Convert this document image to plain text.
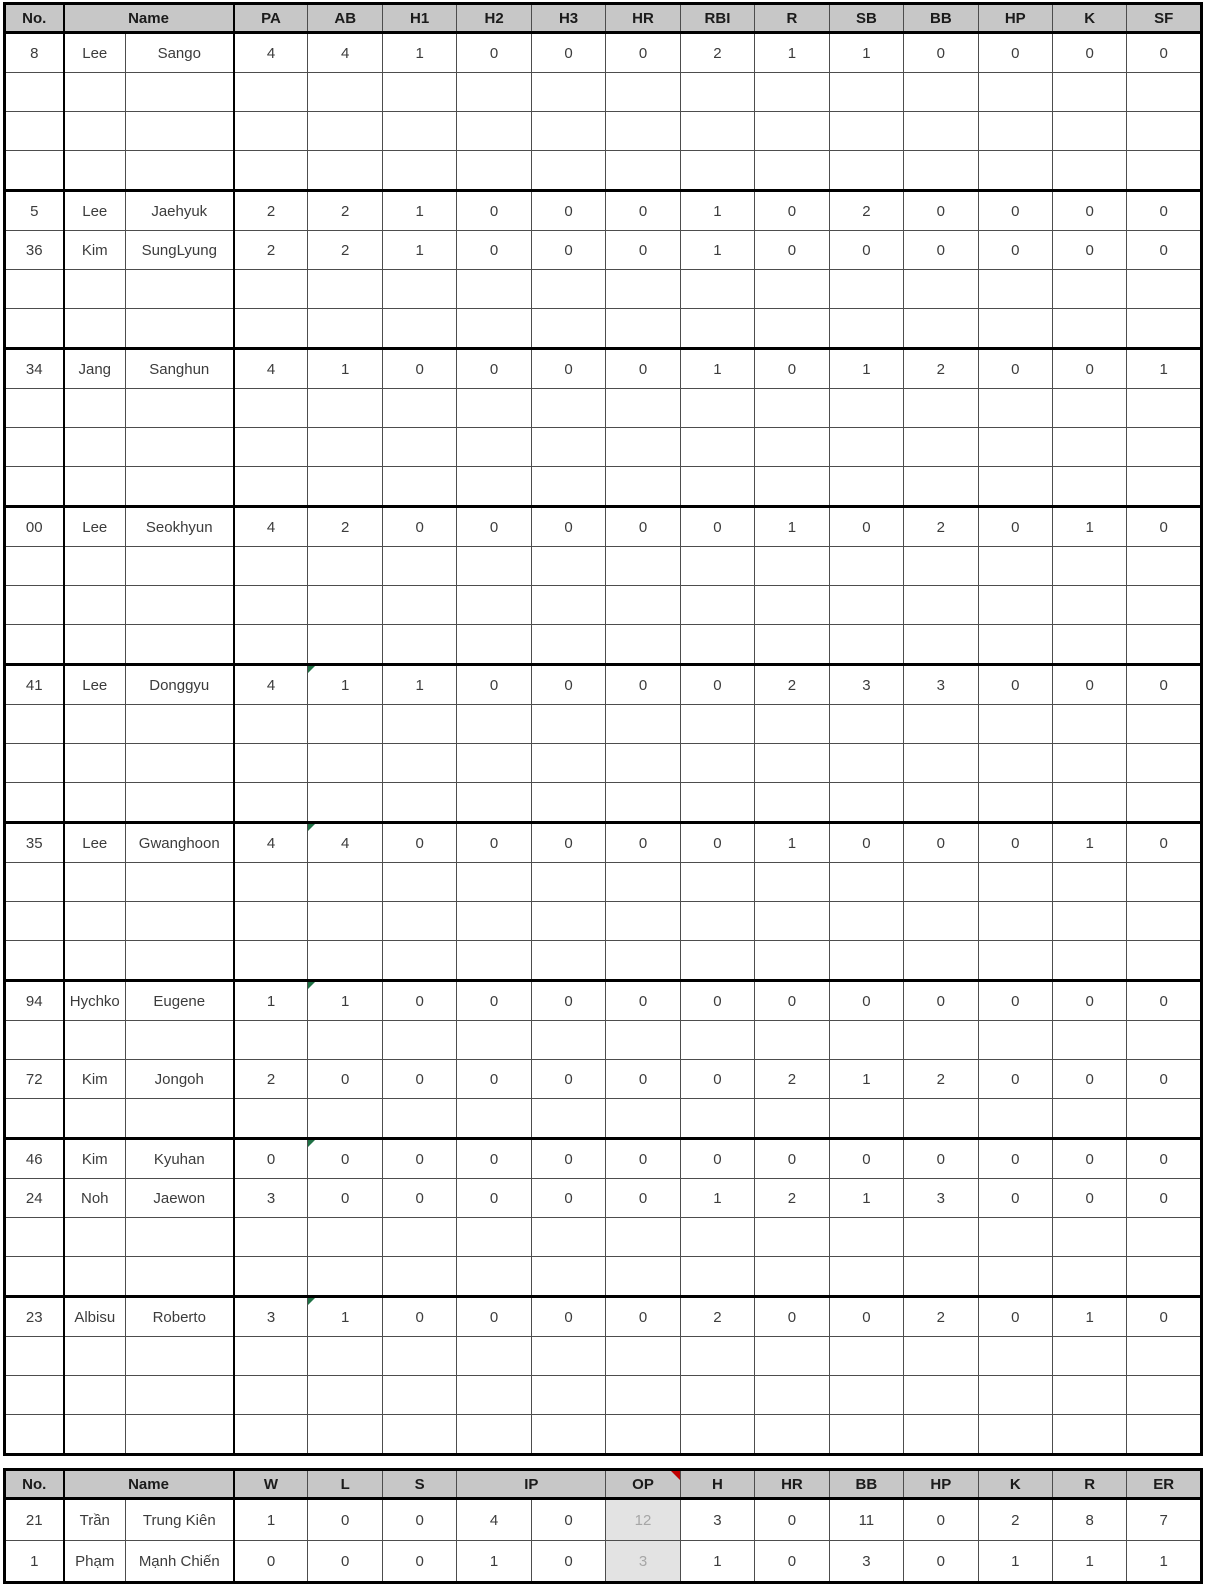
No.	Name		PA	AB	H1	H2	H3	HR	RBI	R	SB	BB	HP	K	SF
8	Lee	Sango	4	4	1	0	0	0	2	1	1	0	0	0	0

5	Lee	Jaehyuk	2	2	1	0	0	0	1	0	2	0	0	0	0
36	Kim	SungLyung	2	2	1	0	0	0	1	0	0	0	0	0	0

34	Jang	Sanghun	4	1	0	0	0	0	1	0	1	2	0	0	1

00	Lee	Seokhyun	4	2	0	0	0	0	0	1	0	2	0	1	0

41	Lee	Donggyu	4	1	1	0	0	0	0	2	3	3	0	0	0

35	Lee	Gwanghoon	4	4	0	0	0	0	0	1	0	0	0	1	0

94	Hychko	Eugene	1	1	0	0	0	0	0	0	0	0	0	0	0

72	Kim	Jongoh	2	0	0	0	0	0	0	2	1	2	0	0	0

46	Kim	Kyuhan	0	0	0	0	0	0	0	0	0	0	0	0	0
24	Noh	Jaewon	3	0	0	0	0	0	1	2	1	3	0	0	0

23	Albisu	Roberto	3	1	0	0	0	0	2	0	0	2	0	1	0

No.	Name		W	L	S	IP		OP	H	HR	BB	HP	K	R	ER
21	Trần	Trung Kiên	1	0	0	4	0	12	3	0	11	0	2	8	7
1	Phạm	Mạnh Chiến	0	0	0	1	0	3	1	0	3	0	1	1	1
